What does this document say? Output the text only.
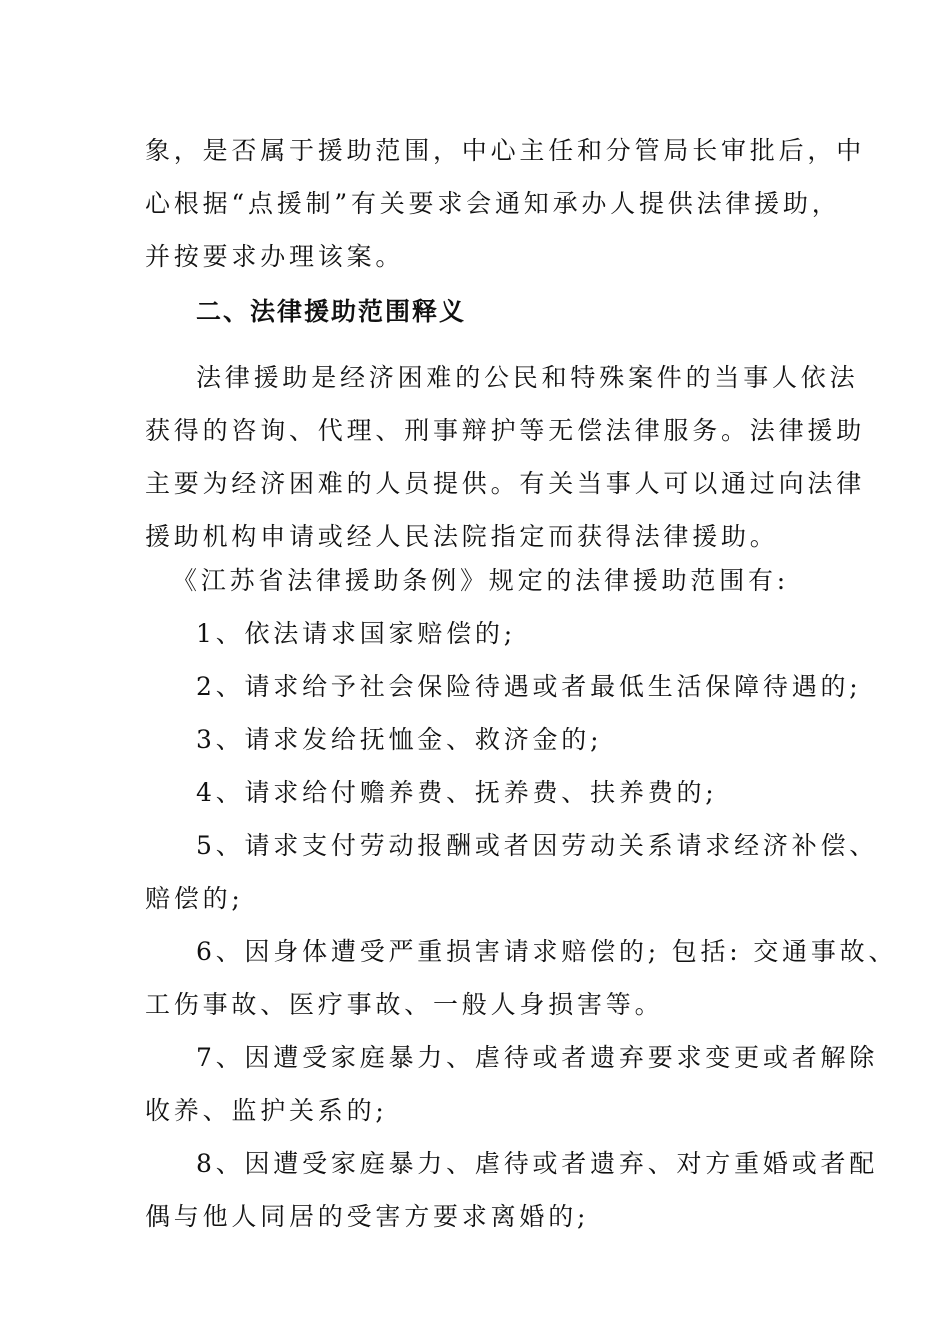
象，是否属于援助范围，中心主任和分管局长审批后，中
心根据“点援制”有关要求会通知承办人提供法律援助，
并按要求办理该案。
二、法律援助范围释义
法律援助是经济困难的公民和特殊案件的当事人依法
获得的咨询、代理、刑事辩护等无偿法律服务。法律援助
主要为经济困难的人员提供。有关当事人可以通过向法律
援助机构申请或经人民法院指定而获得法律援助。
《江苏省法律援助条例》规定的法律援助范围有:
1、依法请求国家赔偿的;
2、请求给予社会保险待遇或者最低生活保障待遇的;
3、请求发给抚恤金、救济金的;
4、请求给付赡养费、抚养费、扶养费的;
5、请求支付劳动报酬或者因劳动关系请求经济补偿、
赔偿的;
6、因身体遭受严重损害请求赔偿的; 包括: 交通事故、
工伤事故、医疗事故、一般人身损害等。
7、因遭受家庭暴力、虐待或者遗弃要求变更或者解除
收养、监护关系的;
8、因遭受家庭暴力、虐待或者遗弃、对方重婚或者配
偶与他人同居的受害方要求离婚的;
